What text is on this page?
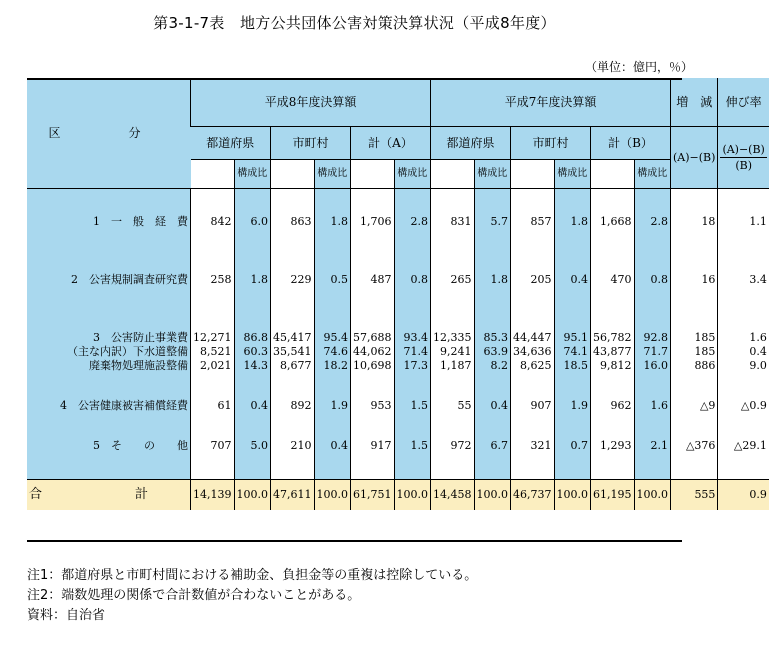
第3-1-7表　地方公共団体公害対策決算状況（平成8年度）
（単位：億円，％）
区　分	平成8年度決算額						平成7年度決算額						増　減	伸び率
	都道府県		市町村		計（A）		都道府県		市町村		計（B）		(A)−(B)	$\frac{(A)-(B)}{(B)}$
		構成比		構成比		構成比		構成比		構成比		構成比		

1　一　般　経　費	842	6.0	863	1.8	1,706	2.8	831	5.7	857	1.8	1,668	2.8	18	1.1

2　公害規制調査研究費	258	1.8	229	0.5	487	0.8	265	1.8	205	0.4	470	0.8	16	3.4

3　公害防止事業費	12,271	86.8	45,417	95.4	57,688	93.4	12,335	85.3	44,447	95.1	56,782	92.8	185	1.6
（主な内訳）下水道整備	8,521	60.3	35,541	74.6	44,062	71.4	9,241	63.9	34,636	74.1	43,877	71.7	185	0.4
廃棄物処理施設整備	2,021	14.3	8,677	18.2	10,698	17.3	1,187	8.2	8,625	18.5	9,812	16.0	886	9.0

4　公害健康被害補償経費	61	0.4	892	1.9	953	1.5	55	0.4	907	1.9	962	1.6	△9	△0.9

5　そ　　の　　他	707	5.0	210	0.4	917	1.5	972	6.7	321	0.7	1,293	2.1	△376	△29.1

合　計	14,139	100.0	47,611	100.0	61,751	100.0	14,458	100.0	46,737	100.0	61,195	100.0	555	0.9
注1：都道府県と市町村間における補助金、負担金等の重複は控除している。
注2：端数処理の関係で合計数値が合わないことがある。
資料：自治省
